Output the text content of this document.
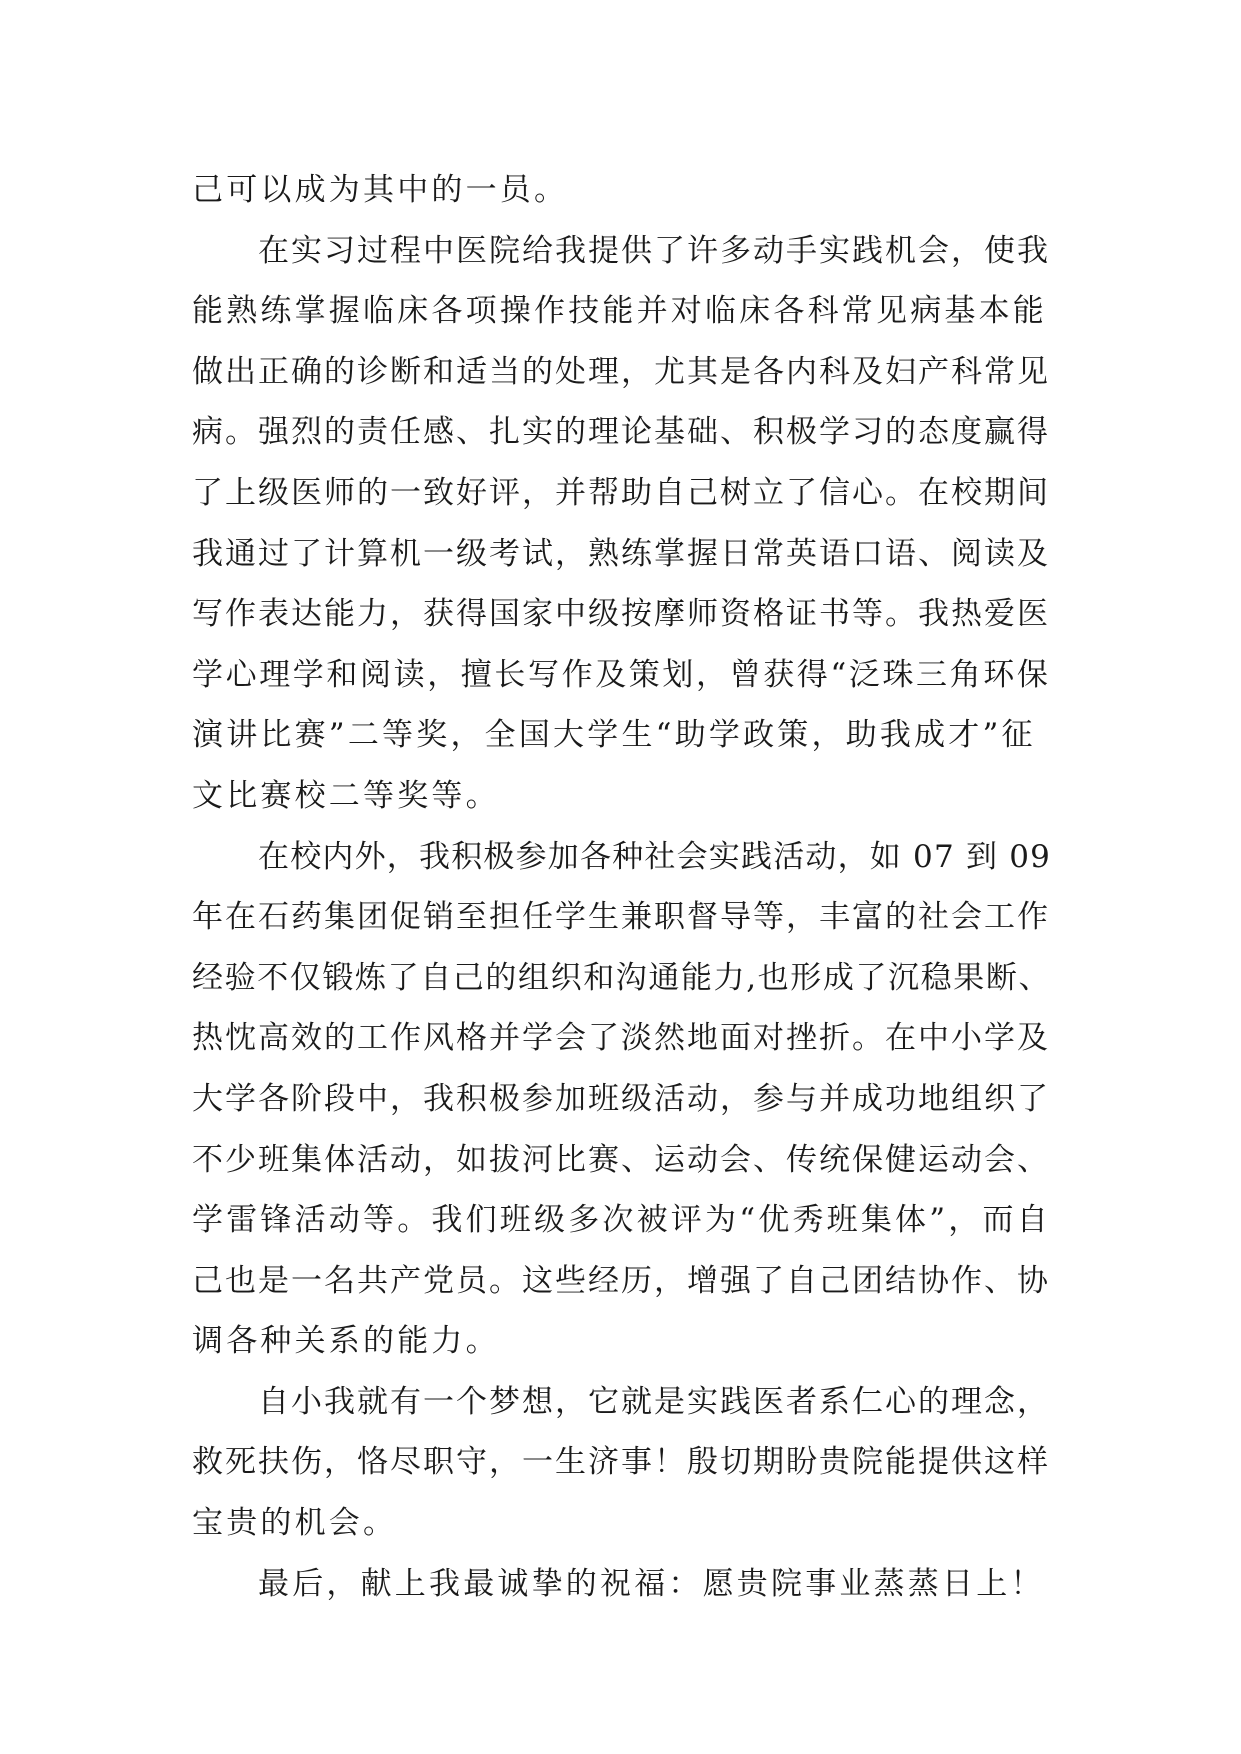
己可以成为其中的一员。
在实习过程中医院给我提供了许多动手实践机会，使我
能熟练掌握临床各项操作技能并对临床各科常见病基本能
做出正确的诊断和适当的处理，尤其是各内科及妇产科常见
病。强烈的责任感、扎实的理论基础、积极学习的态度赢得
了上级医师的一致好评，并帮助自己树立了信心。在校期间
我通过了计算机一级考试，熟练掌握日常英语口语、阅读及
写作表达能力，获得国家中级按摩师资格证书等。我热爱医
学心理学和阅读，擅长写作及策划，曾获得“泛珠三角环保
演讲比赛”二等奖，全国大学生“助学政策，助我成才”征
文比赛校二等奖等。
在校内外，我积极参加各种社会实践活动，如 07 到 09
年在石药集团促销至担任学生兼职督导等，丰富的社会工作
经验不仅锻炼了自己的组织和沟通能力,也形成了沉稳果断、
热忱高效的工作风格并学会了淡然地面对挫折。在中小学及
大学各阶段中，我积极参加班级活动，参与并成功地组织了
不少班集体活动，如拔河比赛、运动会、传统保健运动会、
学雷锋活动等。我们班级多次被评为“优秀班集体”，而自
己也是一名共产党员。这些经历，增强了自己团结协作、协
调各种关系的能力。
自小我就有一个梦想，它就是实践医者系仁心的理念，
救死扶伤，恪尽职守，一生济事！殷切期盼贵院能提供这样
宝贵的机会。
最后，献上我最诚挚的祝福：愿贵院事业蒸蒸日上！
